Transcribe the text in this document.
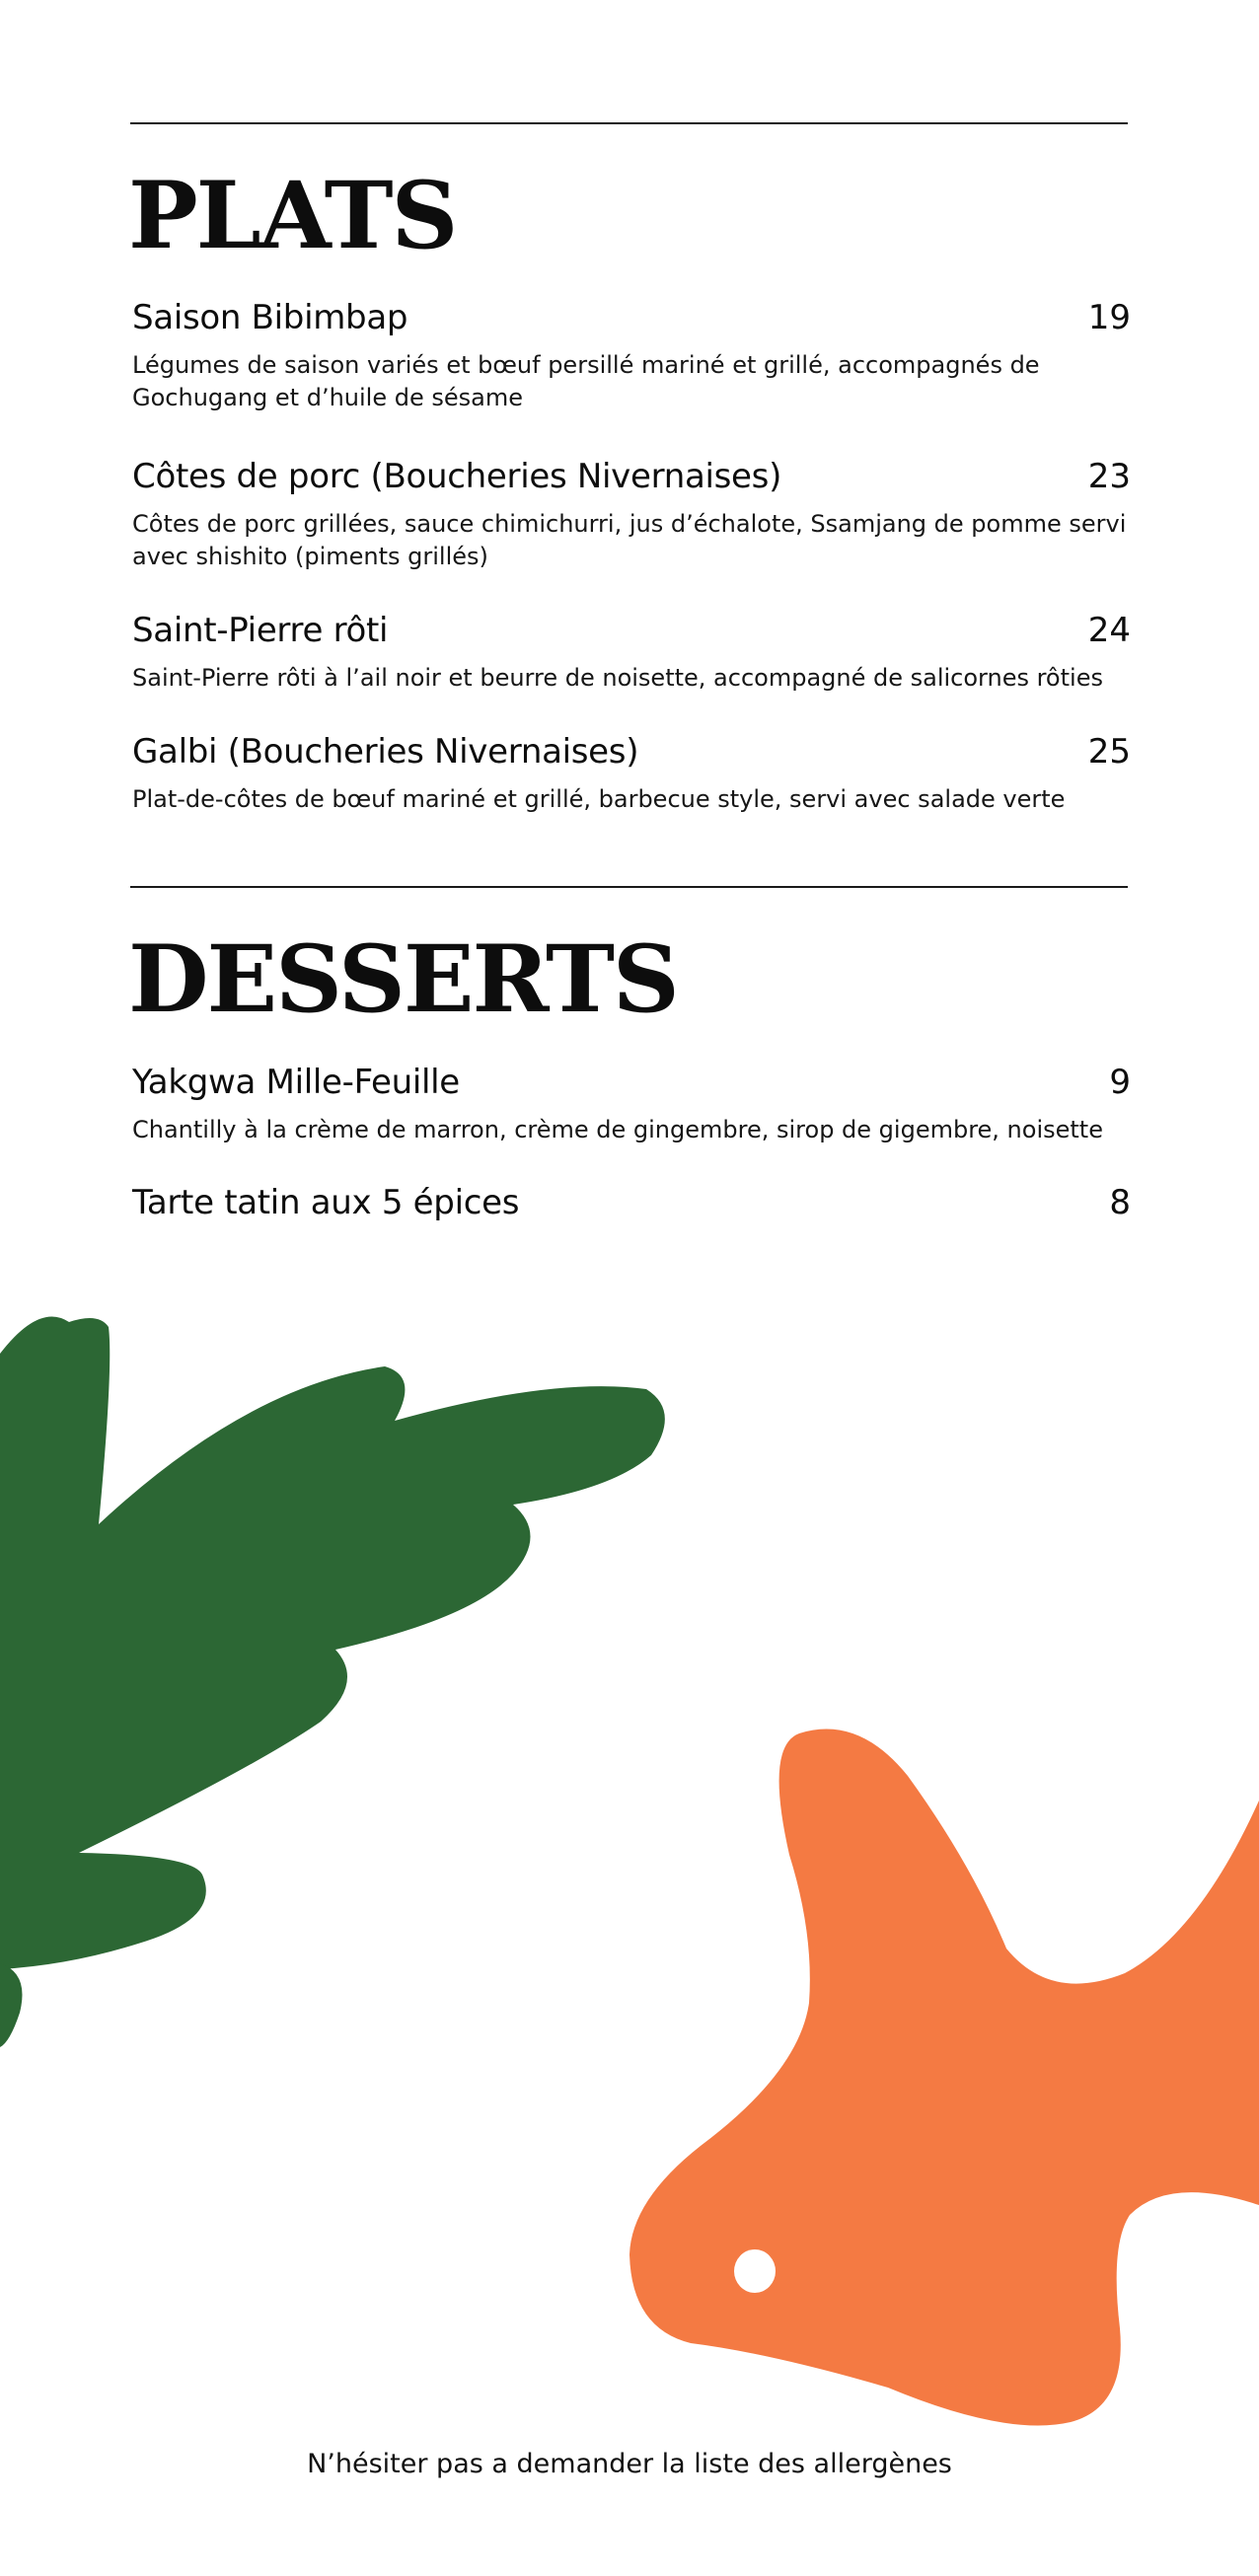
PLATS
Saison Bibimbap	19
Légumes de saison variés et bœuf persillé mariné et grillé, accompagnés de Gochugang et d’huile de sésame
Côtes de porc (Boucheries Nivernaises)	23
Côtes de porc grillées, sauce chimichurri, jus d’échalote, Ssamjang de pomme servi avec shishito (piments grillés)
Saint-Pierre rôti	24
Saint-Pierre rôti à l’ail noir et beurre de noisette, accompagné de salicornes rôties
Galbi (Boucheries Nivernaises)	25
Plat-de-côtes de bœuf mariné et grillé, barbecue style, servi avec salade verte
DESSERTS
Yakgwa Mille-Feuille	9
Chantilly à la crème de marron, crème de gingembre, sirop de gigembre, noisette
Tarte tatin aux 5 épices	8
N’hésiter pas a demander la liste des allergènes
